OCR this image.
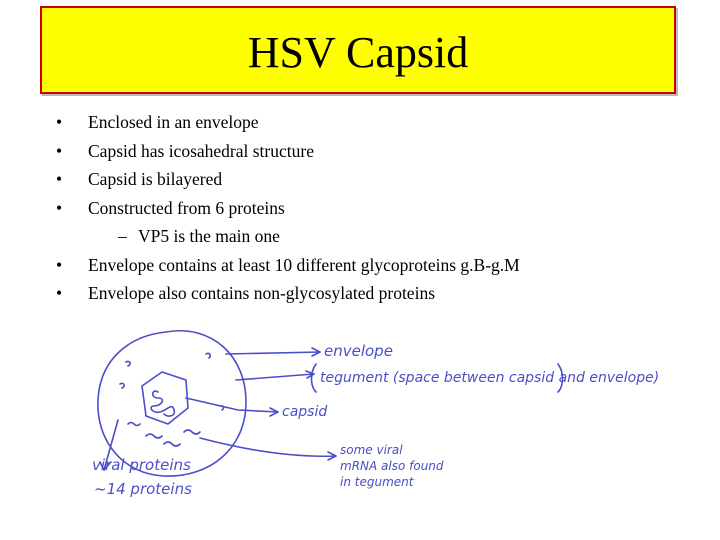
HSV Capsid
•	Enclosed in an envelope
•	Capsid has icosahedral structure
•	Capsid is bilayered
•	Constructed from 6 proteins
– VP5 is the main one
•	Envelope contains at least 10 different glycoproteins g.B-g.M
•	Envelope also contains non-glycosylated proteins
envelope
tegument (space between capsid and envelope)
capsid
some viral
mRNA also found
in tegument
viral proteins
~14 proteins
